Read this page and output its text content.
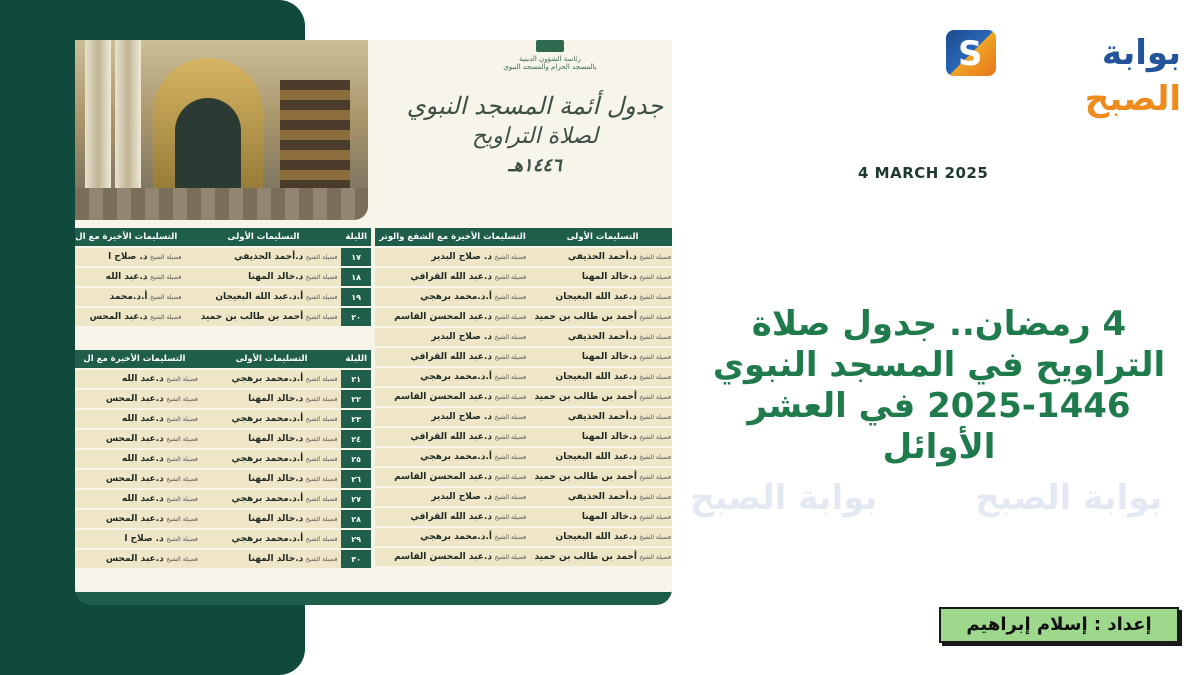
رئاسة الشؤون الدينية
بالمسجد الحرام والمسجد النبوي
جدول أئمة المسجد النبوي
لصلاة التراويح
١٤٤٦هـ
التسليمات الأولى	التسليمات الأخيرة مع الشفع والوتر
فضيلة الشيخ د.أحمد الحذيفي	فضيلة الشيخ د. صلاح البدير
فضيلة الشيخ د.خالد المهنا	فضيلة الشيخ د.عبد الله القرافي
فضيلة الشيخ د.عبد الله البعيجان	فضيلة الشيخ أ.د.محمد برهجي
فضيلة الشيخ أحمد بن طالب بن حميد	فضيلة الشيخ د.عبد المحسن القاسم
فضيلة الشيخ د.أحمد الحذيفي	فضيلة الشيخ د. صلاح البدير
فضيلة الشيخ د.خالد المهنا	فضيلة الشيخ د.عبد الله القرافي
فضيلة الشيخ د.عبد الله البعيجان	فضيلة الشيخ أ.د.محمد برهجي
فضيلة الشيخ أحمد بن طالب بن حميد	فضيلة الشيخ د.عبد المحسن القاسم
فضيلة الشيخ د.أحمد الحذيفي	فضيلة الشيخ د. صلاح البدير
فضيلة الشيخ د.خالد المهنا	فضيلة الشيخ د.عبد الله القرافي
فضيلة الشيخ د.عبد الله البعيجان	فضيلة الشيخ أ.د.محمد برهجي
فضيلة الشيخ أحمد بن طالب بن حميد	فضيلة الشيخ د.عبد المحسن القاسم
فضيلة الشيخ د.أحمد الحذيفي	فضيلة الشيخ د. صلاح البدير
فضيلة الشيخ د.خالد المهنا	فضيلة الشيخ د.عبد الله القرافي
فضيلة الشيخ د.عبد الله البعيجان	فضيلة الشيخ أ.د.محمد برهجي
فضيلة الشيخ أحمد بن طالب بن حميد	فضيلة الشيخ د.عبد المحسن القاسم
الليلة	التسليمات الأولى	التسليمات الأخيرة مع ال
١٧	فضيلة الشيخ د.أحمد الحذيفي	فضيلة الشيخ د. صلاح ا
١٨	فضيلة الشيخ د.خالد المهنا	فضيلة الشيخ د.عبد الله
١٩	فضيلة الشيخ أ.د.عبد الله البعيجان	فضيلة الشيخ أ.د.محمد
٢٠	فضيلة الشيخ أحمد بن طالب بن حميد	فضيلة الشيخ د.عبد المحس
الليلة	التسليمات الأولى	التسليمات الأخيرة مع ال
٢١	فضيلة الشيخ أ.د.محمد برهجي	فضيلة الشيخ د.عبد الله
٢٢	فضيلة الشيخ د.خالد المهنا	فضيلة الشيخ د.عبد المحس
٢٣	فضيلة الشيخ أ.د.محمد برهجي	فضيلة الشيخ د.عبد الله
٢٤	فضيلة الشيخ د.خالد المهنا	فضيلة الشيخ د.عبد المحس
٢٥	فضيلة الشيخ أ.د.محمد برهجي	فضيلة الشيخ د.عبد الله
٢٦	فضيلة الشيخ د.خالد المهنا	فضيلة الشيخ د.عبد المحس
٢٧	فضيلة الشيخ أ.د.محمد برهجي	فضيلة الشيخ د.عبد الله
٢٨	فضيلة الشيخ د.خالد المهنا	فضيلة الشيخ د.عبد المحس
٢٩	فضيلة الشيخ أ.د.محمد برهجي	فضيلة الشيخ د. صلاح ا
٣٠	فضيلة الشيخ د.خالد المهنا	فضيلة الشيخ د.عبد المحس
S	بوابة الصبح
4 MARCH 2025
4 رمضان.. جدول صلاة التراويح في المسجد النبوي 1446-2025 في العشر الأوائل
بوابة الصبح	بوابة الصبح
إعداد : إسلام إبراهيم
